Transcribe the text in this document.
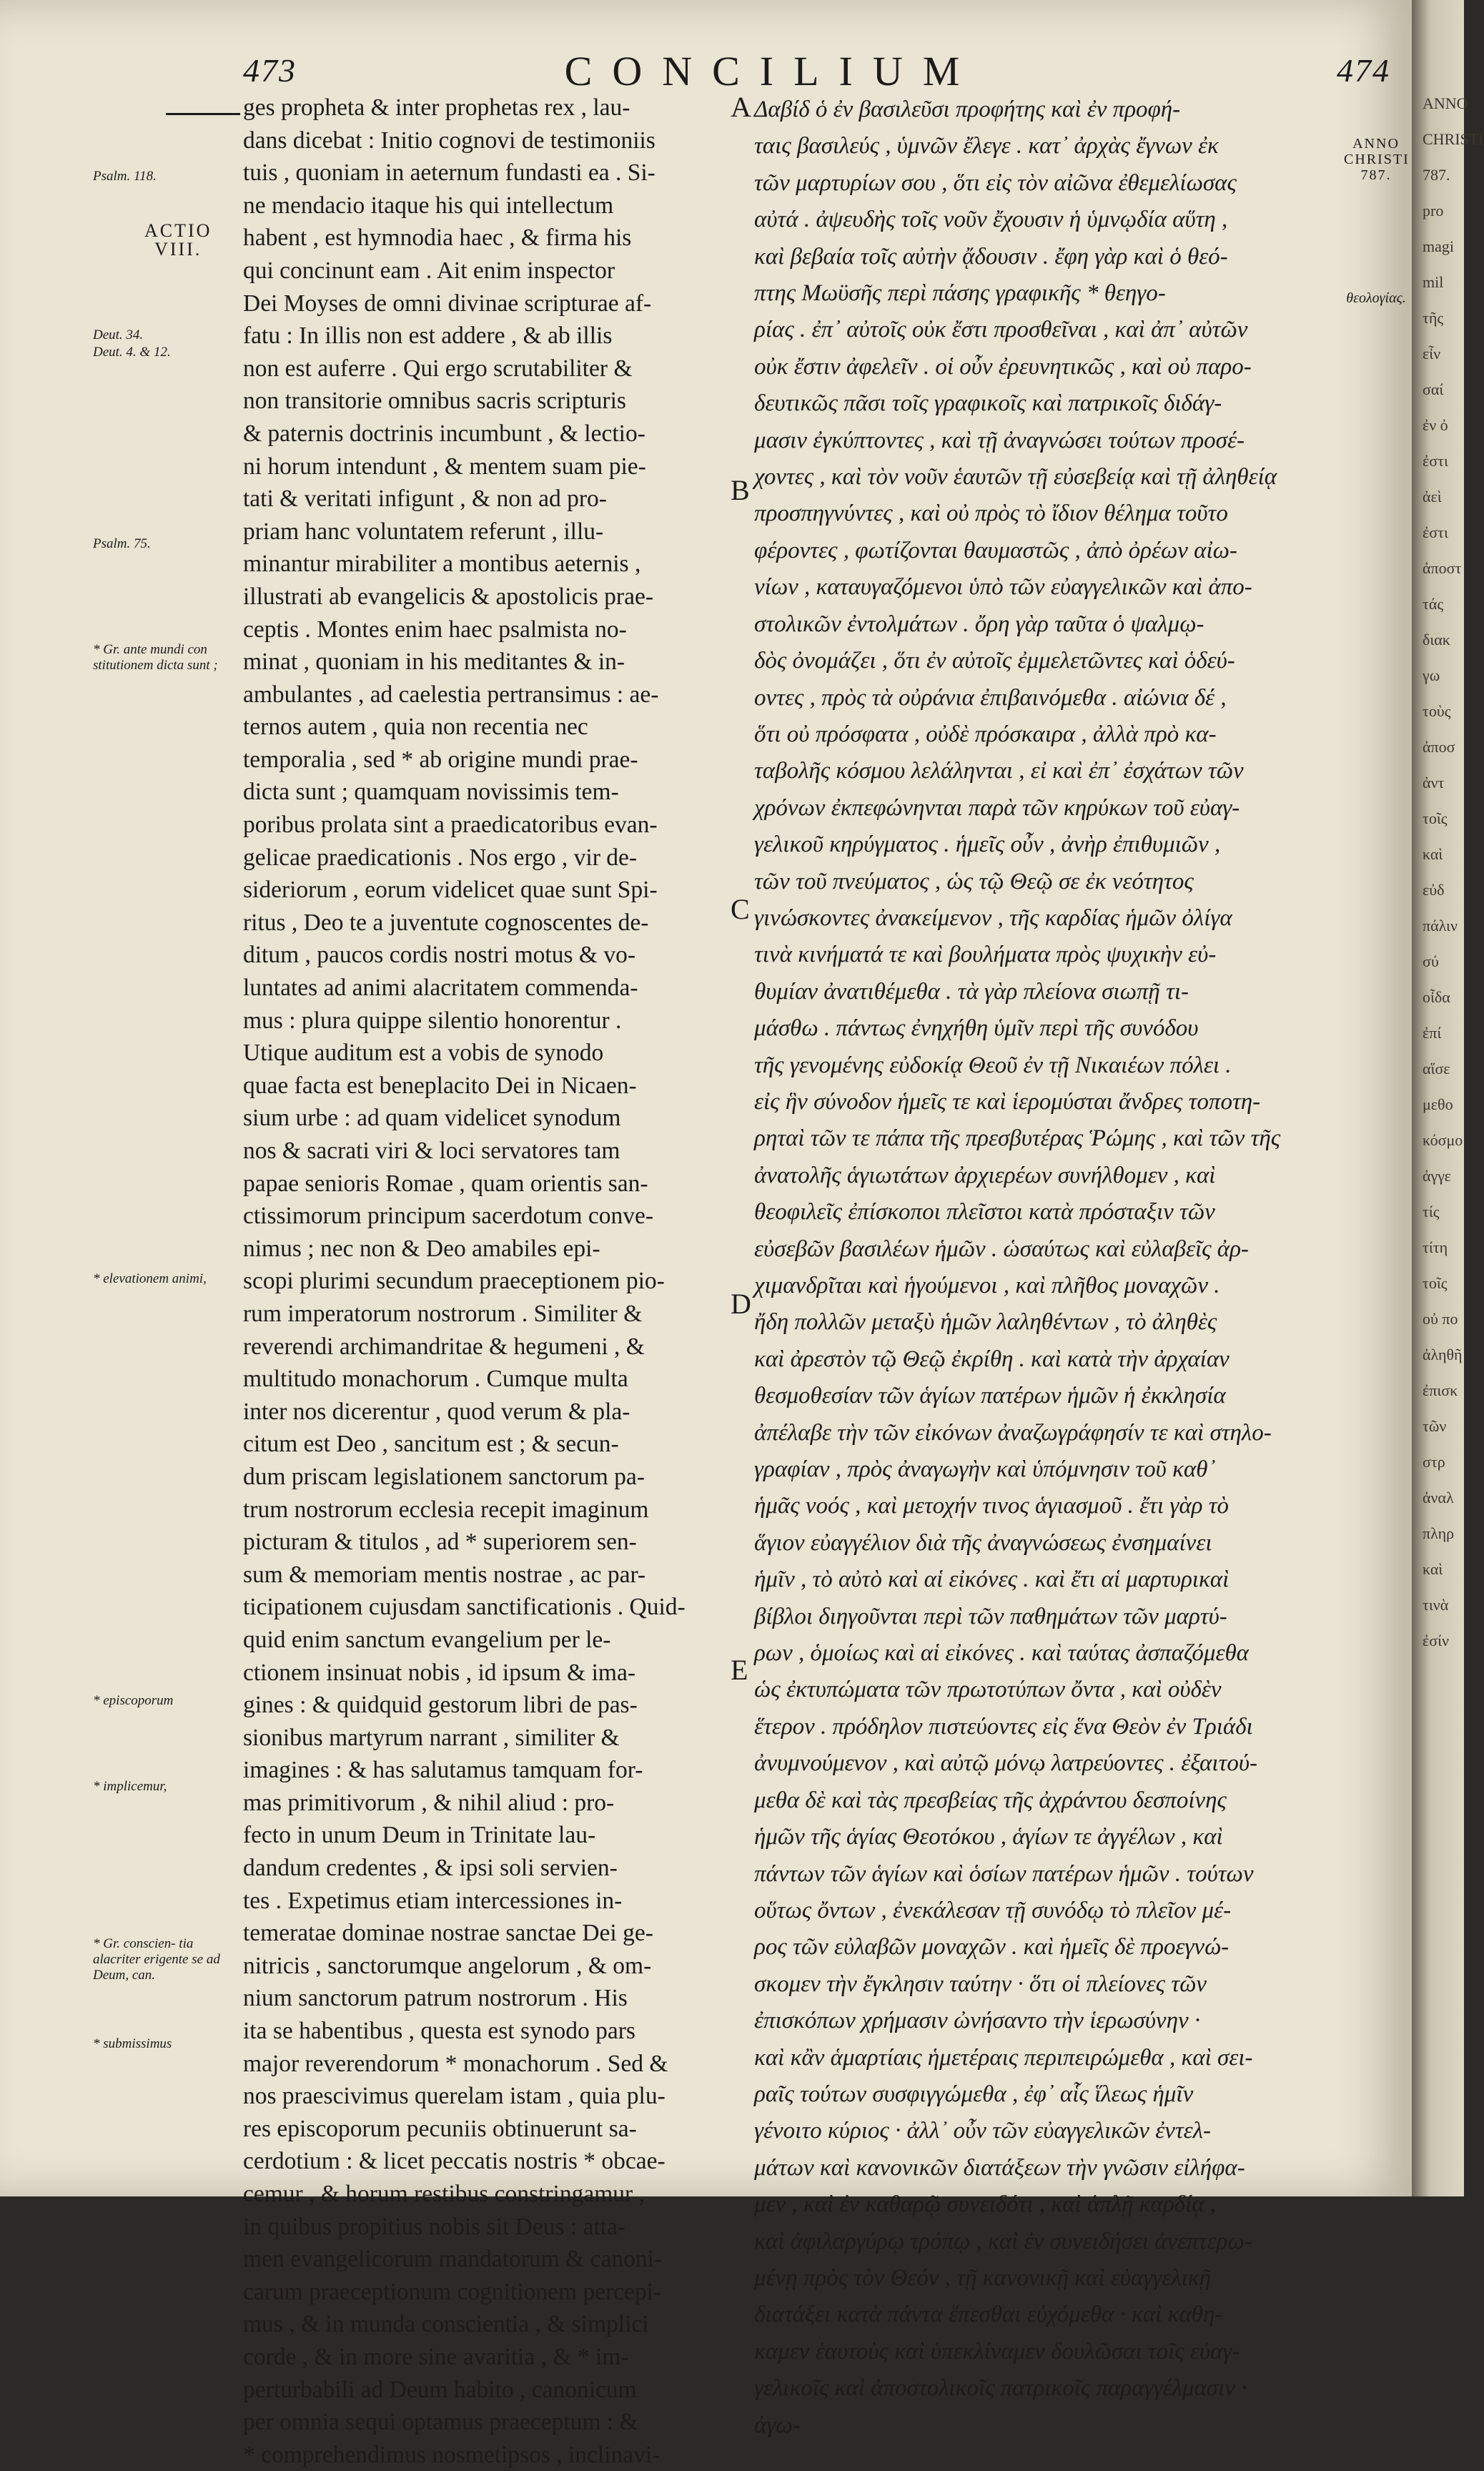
473	CONCILIUM	474
ACTIO
VIII.
Psalm. 118.
Deut. 34.
Deut. 4. & 12.
Psalm. 75.
* Gr. ante mundi con stitutionem dicta sunt ;
* elevationem animi,
* episcoporum
* implicemur,
* Gr. conscien- tia alacriter erigente se ad Deum, can.
* submissimus
ges propheta & inter prophetas rex , lau-
dans dicebat : Initio cognovi de testimoniis
tuis , quoniam in aeternum fundasti ea . Si-
ne mendacio itaque his qui intellectum
habent , est hymnodia haec , & firma his
qui concinunt eam . Ait enim inspector
Dei Moyses de omni divinae scripturae af-
fatu : In illis non est addere , & ab illis
non est auferre . Qui ergo scrutabiliter &
non transitorie omnibus sacris scripturis
& paternis doctrinis incumbunt , & lectio-
ni horum intendunt , & mentem suam pie-
tati & veritati infigunt , & non ad pro-
priam hanc voluntatem referunt , illu-
minantur mirabiliter a montibus aeternis ,
illustrati ab evangelicis & apostolicis prae-
ceptis . Montes enim haec psalmista no-
minat , quoniam in his meditantes & in-
ambulantes , ad caelestia pertransimus : ae-
ternos autem , quia non recentia nec
temporalia , sed * ab origine mundi prae-
dicta sunt ; quamquam novissimis tem-
poribus prolata sint a praedicatoribus evan-
gelicae praedicationis . Nos ergo , vir de-
sideriorum , eorum videlicet quae sunt Spi-
ritus , Deo te a juventute cognoscentes de-
ditum , paucos cordis nostri motus & vo-
luntates ad animi alacritatem commenda-
mus : plura quippe silentio honorentur .
Utique auditum est a vobis de synodo
quae facta est beneplacito Dei in Nicaen-
sium urbe : ad quam videlicet synodum
nos & sacrati viri & loci servatores tam
papae senioris Romae , quam orientis san-
ctissimorum principum sacerdotum conve-
nimus ; nec non & Deo amabiles epi-
scopi plurimi secundum praeceptionem pio-
rum imperatorum nostrorum . Similiter &
reverendi archimandritae & hegumeni , &
multitudo monachorum . Cumque multa
inter nos dicerentur , quod verum & pla-
citum est Deo , sancitum est ; & secun-
dum priscam legislationem sanctorum pa-
trum nostrorum ecclesia recepit imaginum
picturam & titulos , ad * superiorem sen-
sum & memoriam mentis nostrae , ac par-
ticipationem cujusdam sanctificationis . Quid-
quid enim sanctum evangelium per le-
ctionem insinuat nobis , id ipsum & ima-
gines : & quidquid gestorum libri de pas-
sionibus martyrum narrant , similiter &
imagines : & has salutamus tamquam for-
mas primitivorum , & nihil aliud : pro-
fecto in unum Deum in Trinitate lau-
dandum credentes , & ipsi soli servien-
tes . Expetimus etiam intercessiones in-
temeratae dominae nostrae sanctae Dei ge-
nitricis , sanctorumque angelorum , & om-
nium sanctorum patrum nostrorum . His
ita se habentibus , questa est synodo pars
major reverendorum * monachorum . Sed &
nos praescivimus querelam istam , quia plu-
res episcoporum pecuniis obtinuerunt sa-
cerdotium : & licet peccatis nostris * obcae-
cemur , & horum restibus constringamur ,
in quibus propitius nobis sit Deus : atta-
men evangelicorum mandatorum & canoni-
carum praeceptionum cognitionem percepi-
mus , & in munda conscientia , & simplici
corde , & in more sine avaritia , & * im-
perturbabili ad Deum habito , canonicum
per omnia sequi optamus praeceptum : &
* comprehendimus nosmetipsos , inclinavi-
A
B
C
D
E
Δαβίδ ὁ ἐν βασιλεῦσι προφήτης καὶ ἐν προφή-
ταις βασιλεύς , ὑμνῶν ἔλεγε . κατ᾽ ἀρχὰς ἔγνων ἐκ
τῶν μαρτυρίων σου , ὅτι εἰς τὸν αἰῶνα ἐθεμελίωσας
αὐτά . ἀψευδὴς τοῖς νοῦν ἔχουσιν ἡ ὑμνῳδία αὕτη ,
καὶ βεβαία τοῖς αὐτὴν ᾄδουσιν . ἔφη γὰρ καὶ ὁ θεό-
πτης Μωϋσῆς περὶ πάσης γραφικῆς * θεηγο-
ρίας . ἐπ᾽ αὐτοῖς οὐκ ἔστι προσθεῖναι , καὶ ἀπ᾽ αὐτῶν
οὐκ ἔστιν ἀφελεῖν . οἱ οὖν ἐρευνητικῶς , καὶ οὐ παρο-
δευτικῶς πᾶσι τοῖς γραφικοῖς καὶ πατρικοῖς διδάγ-
μασιν ἐγκύπτοντες , καὶ τῇ ἀναγνώσει τούτων προσέ-
χοντες , καὶ τὸν νοῦν ἑαυτῶν τῇ εὐσεβείᾳ καὶ τῇ ἀληθείᾳ
προσπηγνύντες , καὶ οὐ πρὸς τὸ ἴδιον θέλημα τοῦτο
φέροντες , φωτίζονται θαυμαστῶς , ἀπὸ ὀρέων αἰω-
νίων , καταυγαζόμενοι ὑπὸ τῶν εὐαγγελικῶν καὶ ἀπο-
στολικῶν ἐντολμάτων . ὄρη γὰρ ταῦτα ὁ ψαλμῳ-
δὸς ὀνομάζει , ὅτι ἐν αὐτοῖς ἐμμελετῶντες καὶ ὁδεύ-
οντες , πρὸς τὰ οὐράνια ἐπιβαινόμεθα . αἰώνια δέ ,
ὅτι οὐ πρόσφατα , οὐδὲ πρόσκαιρα , ἀλλὰ πρὸ κα-
ταβολῆς κόσμου λελάληνται , εἰ καὶ ἐπ᾽ ἐσχάτων τῶν
χρόνων ἐκπεφώνηνται παρὰ τῶν κηρύκων τοῦ εὐαγ-
γελικοῦ κηρύγματος . ἡμεῖς οὖν , ἀνὴρ ἐπιθυμιῶν ,
τῶν τοῦ πνεύματος , ὡς τῷ Θεῷ σε ἐκ νεότητος
γινώσκοντες ἀνακείμενον , τῆς καρδίας ἡμῶν ὀλίγα
τινὰ κινήματά τε καὶ βουλήματα πρὸς ψυχικὴν εὐ-
θυμίαν ἀνατιθέμεθα . τὰ γὰρ πλείονα σιωπῇ τι-
μάσθω . πάντως ἐνηχήθη ὑμῖν περὶ τῆς συνόδου
τῆς γενομένης εὐδοκίᾳ Θεοῦ ἐν τῇ Νικαιέων πόλει .
εἰς ἣν σύνοδον ἡμεῖς τε καὶ ἱερομύσται ἄνδρες τοποτη-
ρηταὶ τῶν τε πάπα τῆς πρεσβυτέρας Ῥώμης , καὶ τῶν τῆς
ἀνατολῆς ἁγιωτάτων ἀρχιερέων συνήλθομεν , καὶ
θεοφιλεῖς ἐπίσκοποι πλεῖστοι κατὰ πρόσταξιν τῶν
εὐσεβῶν βασιλέων ἡμῶν . ὡσαύτως καὶ εὐλαβεῖς ἀρ-
χιμανδρῖται καὶ ἡγούμενοι , καὶ πλῆθος μοναχῶν .
ἤδη πολλῶν μεταξὺ ἡμῶν λαληθέντων , τὸ ἀληθὲς
καὶ ἀρεστὸν τῷ Θεῷ ἐκρίθη . καὶ κατὰ τὴν ἀρχαίαν
θεσμοθεσίαν τῶν ἁγίων πατέρων ἡμῶν ἡ ἐκκλησία
ἀπέλαβε τὴν τῶν εἰκόνων ἀναζωγράφησίν τε καὶ στηλο-
γραφίαν , πρὸς ἀναγωγὴν καὶ ὑπόμνησιν τοῦ καθ᾽
ἡμᾶς νοός , καὶ μετοχήν τινος ἁγιασμοῦ . ἔτι γὰρ τὸ
ἅγιον εὐαγγέλιον διὰ τῆς ἀναγνώσεως ἐνσημαίνει
ἡμῖν , τὸ αὐτὸ καὶ αἱ εἰκόνες . καὶ ἔτι αἱ μαρτυρικαὶ
βίβλοι διηγοῦνται περὶ τῶν παθημάτων τῶν μαρτύ-
ρων , ὁμοίως καὶ αἱ εἰκόνες . καὶ ταύτας ἀσπαζόμεθα
ὡς ἐκτυπώματα τῶν πρωτοτύπων ὄντα , καὶ οὐδὲν
ἕτερον . πρόδηλον πιστεύοντες εἰς ἕνα Θεὸν ἐν Τριάδι
ἀνυμνούμενον , καὶ αὐτῷ μόνῳ λατρεύοντες . ἐξαιτού-
μεθα δὲ καὶ τὰς πρεσβείας τῆς ἀχράντου δεσποίνης
ἡμῶν τῆς ἁγίας Θεοτόκου , ἁγίων τε ἀγγέλων , καὶ
πάντων τῶν ἁγίων καὶ ὁσίων πατέρων ἡμῶν . τούτων
οὕτως ὄντων , ἐνεκάλεσαν τῇ συνόδῳ τὸ πλεῖον μέ-
ρος τῶν εὐλαβῶν μοναχῶν . καὶ ἡμεῖς δὲ προεγνώ-
σκομεν τὴν ἔγκλησιν ταύτην · ὅτι οἱ πλείονες τῶν
ἐπισκόπων χρήμασιν ὠνήσαντο τὴν ἱερωσύνην ·
καὶ κἂν ἁμαρτίαις ἡμετέραις περιπειρώμεθα , καὶ σει-
ραῖς τούτων συσφιγγώμεθα , ἐφ᾽ αἷς ἵλεως ἡμῖν
γένοιτο κύριος · ἀλλ᾽ οὖν τῶν εὐαγγελικῶν ἐντελ-
μάτων καὶ κανονικῶν διατάξεων τὴν γνῶσιν εἰλήφα-
μεν , καὶ ἐν καθαρῷ συνειδότι , καὶ ἁπλῇ καρδίᾳ ,
καὶ ἀφιλαργύρῳ τρόπῳ , καὶ ἐν συνειδήσει ἀνεπτερω-
μένῃ πρὸς τὸν Θεόν , τῇ κανονικῇ καὶ εὐαγγελικῇ
διατάξει κατὰ πάντα ἕπεσθαι εὐχόμεθα · καὶ καθη-
καμεν ἑαυτοὺς καὶ ὑπεκλίναμεν δουλῶσαι τοῖς εὐαγ-
γελικοῖς καὶ ἀποστολικοῖς πατρικοῖς παραγγέλμασιν ·
ἀγω-
ANNO
CHRISTI
787.
θεολογίας.
ANNO
CHRISTI
787.
pro
magi
mil
τῆς
εἶν
σαί
ἐν ὀ
ἐστι
ἀεὶ
ἐστι
ἀποστ
τάς
διακ
γω
τοὺς
ἀποσ
ἀντ
τοῖς
καὶ
εὐδ
πάλιν
σύ
οἶδα
ἐπί
αἵσε
μεθο
κόσμο
ἀγγε
τίς
τίτη
τοῖς
οὐ πο
ἀληθῆ
ἐπισκ
τῶν
στρ
ἀναλ
πληρ
καὶ
τινὰ
ἐσίν
